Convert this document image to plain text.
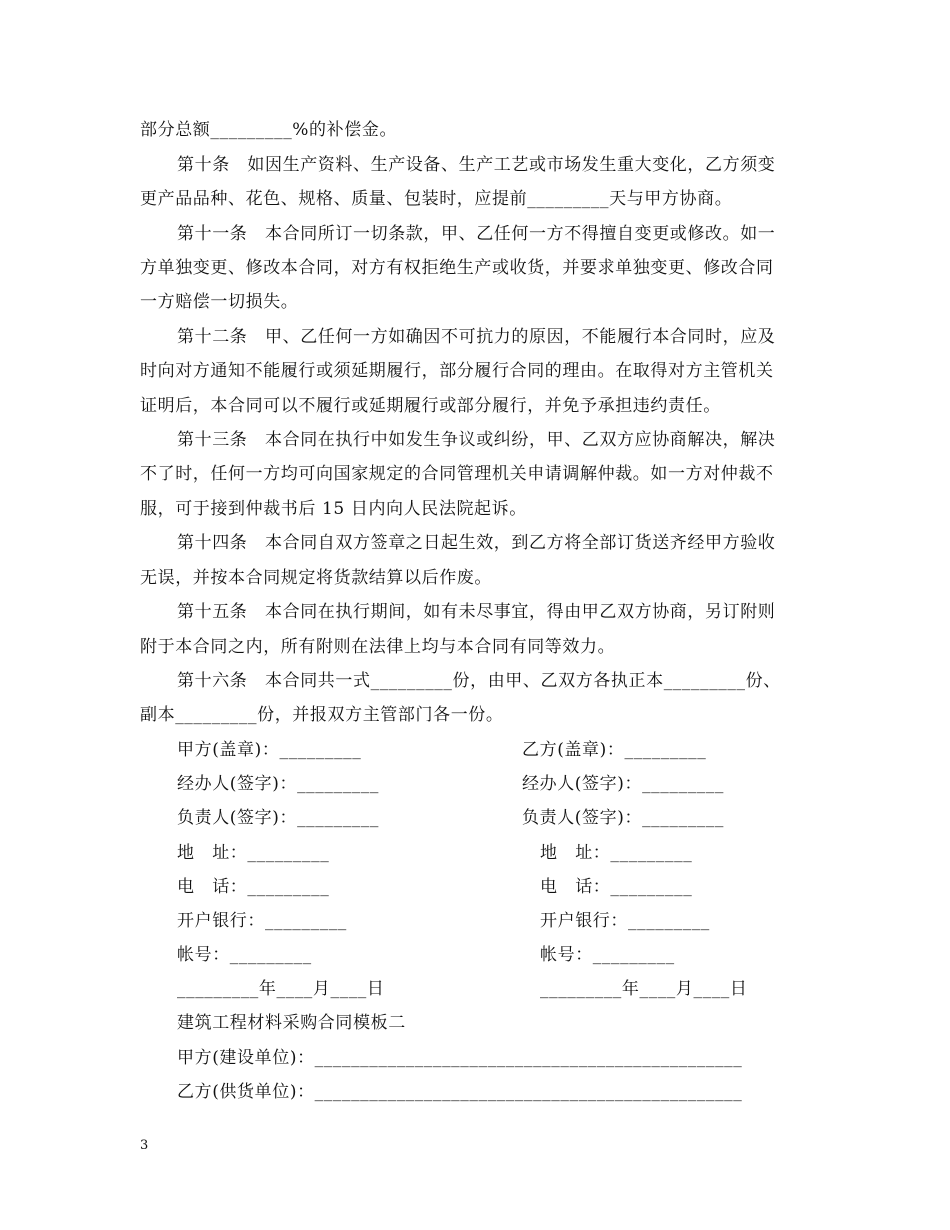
部分总额_________%的补偿金。
第十条　如因生产资料、生产设备、生产工艺或市场发生重大变化，乙方须变
更产品品种、花色、规格、质量、包装时，应提前_________天与甲方协商。
第十一条　本合同所订一切条款，甲、乙任何一方不得擅自变更或修改。如一
方单独变更、修改本合同，对方有权拒绝生产或收货，并要求单独变更、修改合同
一方赔偿一切损失。
第十二条　甲、乙任何一方如确因不可抗力的原因，不能履行本合同时，应及
时向对方通知不能履行或须延期履行，部分履行合同的理由。在取得对方主管机关
证明后，本合同可以不履行或延期履行或部分履行，并免予承担违约责任。
第十三条　本合同在执行中如发生争议或纠纷，甲、乙双方应协商解决，解决
不了时，任何一方均可向国家规定的合同管理机关申请调解仲裁。如一方对仲裁不
服，可于接到仲裁书后 15 日内向人民法院起诉。
第十四条　本合同自双方签章之日起生效，到乙方将全部订货送齐经甲方验收
无误，并按本合同规定将货款结算以后作废。
第十五条　本合同在执行期间，如有未尽事宜，得由甲乙双方协商，另订附则
附于本合同之内，所有附则在法律上均与本合同有同等效力。
第十六条　本合同共一式_________份，由甲、乙双方各执正本_________份、
副本_________份，并报双方主管部门各一份。
甲方(盖章)：_________
经办人(签字)：_________
负责人(签字)：_________
地　址：_________
电　话：_________
开户银行：_________
帐号：_________
_________年____月____日
乙方(盖章)：_________
经办人(签字)：_________
负责人(签字)：_________
地　址：_________
电　话：_________
开户银行：_________
帐号：_________
_________年____月____日
建筑工程材料采购合同模板二
甲方(建设单位)：_______________________________________________
乙方(供货单位)：_______________________________________________
3
